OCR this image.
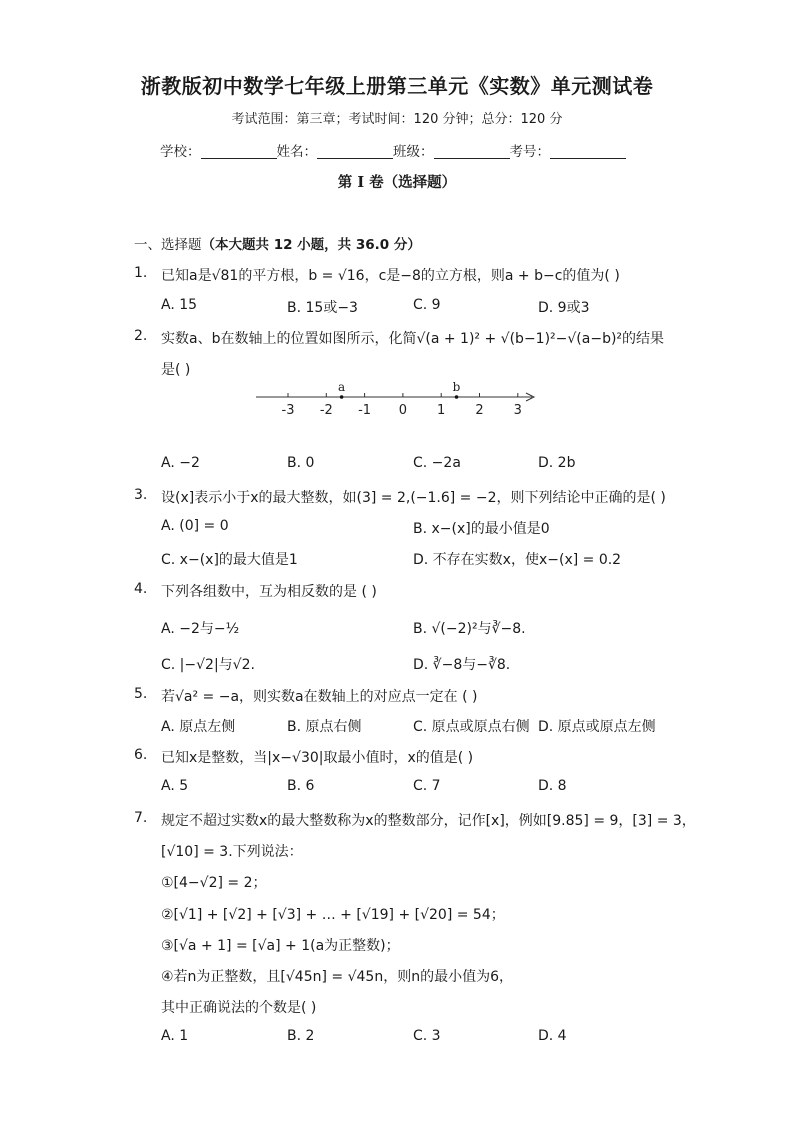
浙教版初中数学七年级上册第三单元《实数》单元测试卷
考试范围：第三章；考试时间：120 分钟；总分：120 分
学校：	姓名：	班级：	考号：
第 I 卷（选择题）
一、选择题（本大题共 12 小题，共 36.0 分）
1. 已知a是√81的平方根，b = √16，c是−8的立方根，则a + b−c的值为( )
A. 15	B. 15或−3	C. 9	D. 9或3
2. 实数a、b在数轴上的位置如图所示，化简√(a + 1)² + √(b−1)²−√(a−b)²的结果
是( )
-3 -2 -1 0 1 2 3
a	b
A. −2	B. 0	C. −2a	D. 2b
3. 设(x]表示小于x的最大整数，如(3] = 2,(−1.6] = −2，则下列结论中正确的是( )
A. (0] = 0	B. x−(x]的最小值是0
C. x−(x]的最大值是1	D. 不存在实数x，使x−(x] = 0.2
4. 下列各组数中，互为相反数的是 ( )
A. −2与−½	B. √(−2)²与∛−8.
C. |−√2|与√2.	D. ∛−8与−∛8.
5. 若√a² = −a，则实数a在数轴上的对应点一定在 ( )
A. 原点左侧	B. 原点右侧	C. 原点或原点右侧 D. 原点或原点左侧
6. 已知x是整数，当|x−√30|取最小值时，x的值是( )
A. 5	B. 6	C. 7	D. 8
7. 规定不超过实数x的最大整数称为x的整数部分，记作[x]，例如[9.85] = 9，[3] = 3，
[√10] = 3.下列说法：
①[4−√2] = 2；
②[√1] + [√2] + [√3] + … + [√19] + [√20] = 54；
③[√a + 1] = [√a] + 1(a为正整数)；
④若n为正整数，且[√45n] = √45n，则n的最小值为6，
其中正确说法的个数是( )
A. 1	B. 2	C. 3	D. 4
